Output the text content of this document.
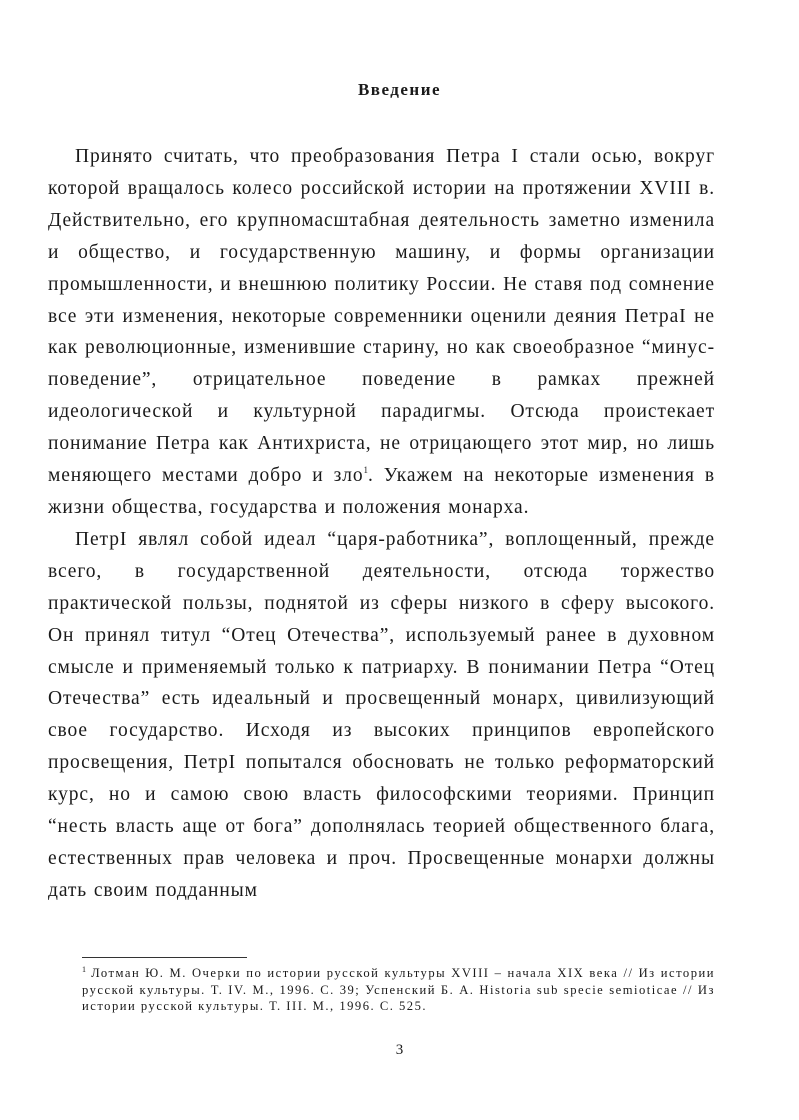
Введение

Принято считать, что преобразования Петра I стали осью, вокруг которой вращалось колесо российской истории на протяжении XVIII в. Действительно, его крупномасштабная деятельность заметно изменила и общество, и государственную машину, и формы организации промышленности, и внешнюю политику России. Не ставя под сомнение все эти изменения, некоторые современники оценили деяния ПетраI не как революционные, изменившие старину, но как своеобразное “минус-поведение”, отрицательное поведение в рамках прежней идеологической и культурной парадигмы. Отсюда проистекает понимание Петра как Антихриста, не отрицающего этот мир, но лишь меняющего местами добро и зло$^1$. Укажем на некоторые изменения в жизни общества, государства и положения монарха.

ПетрI являл собой идеал “царя-работника”, воплощенный, прежде всего, в государственной деятельности, отсюда торжество практической пользы, поднятой из сферы низкого в сферу высокого. Он принял титул “Отец Отечества”, используемый ранее в духовном смысле и применяемый только к патриарху. В понимании Петра “Отец Отечества” есть идеальный и просвещенный монарх, цивилизующий свое государство. Исходя из высоких принципов европейского просвещения, ПетрI попытался обосновать не только реформаторский курс, но и самою свою власть философскими теориями. Принцип “несть власть аще от бога” дополнялась теорией общественного блага, естественных прав человека и проч. Просвещенные монархи должны дать своим подданным

$^1$ Лотман Ю. М. Очерки по истории русской культуры XVIII – начала XIX века // Из истории русской культуры. Т. IV. М., 1996. С. 39; Успенский Б. А. Historia sub specie semioticae // Из истории русской культуры. Т. III. М., 1996. С. 525.
3
